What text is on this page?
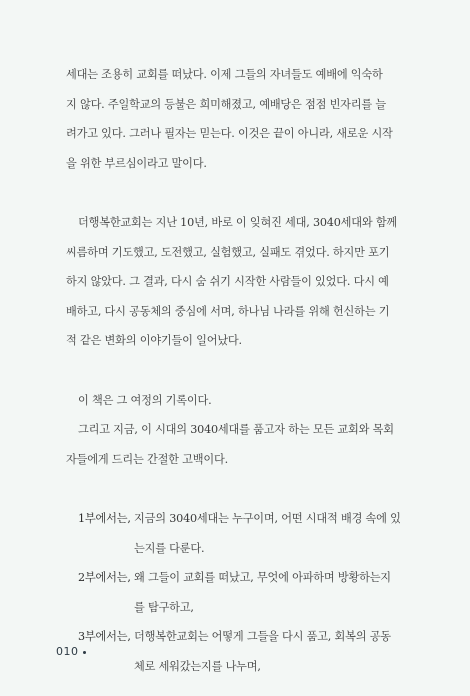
세대는 조용히 교회를 떠났다. 이제 그들의 자녀들도 예배에 익숙하

지 않다. 주일학교의 등불은 희미해졌고, 예배당은 점점 빈자리를 늘

려가고 있다. 그러나 필자는 믿는다. 이것은 끝이 아니라, 새로운 시작

을 위한 부르심이라고 말이다.

더행복한교회는 지난 10년, 바로 이 잊혀진 세대, 3040세대와 함께

씨름하며 기도했고, 도전했고, 실험했고, 실패도 겪었다. 하지만 포기

하지 않았다. 그 결과, 다시 숨 쉬기 시작한 사람들이 있었다. 다시 예

배하고, 다시 공동체의 중심에 서며, 하나님 나라를 위해 헌신하는 기

적 같은 변화의 이야기들이 일어났다.

이 책은 그 여정의 기록이다.

그리고 지금, 이 시대의 3040세대를 품고자 하는 모든 교회와 목회

자들에게 드리는 간절한 고백이다.

1부에서는, 지금의 3040세대는 누구이며, 어떤 시대적 배경 속에 있
는지를 다룬다.
2부에서는, 왜 그들이 교회를 떠났고, 무엇에 아파하며 방황하는지
를 탐구하고,
3부에서는, 더행복한교회는 어떻게 그들을 다시 품고, 회복의 공동
체로 세워갔는지를 나누며,
010
